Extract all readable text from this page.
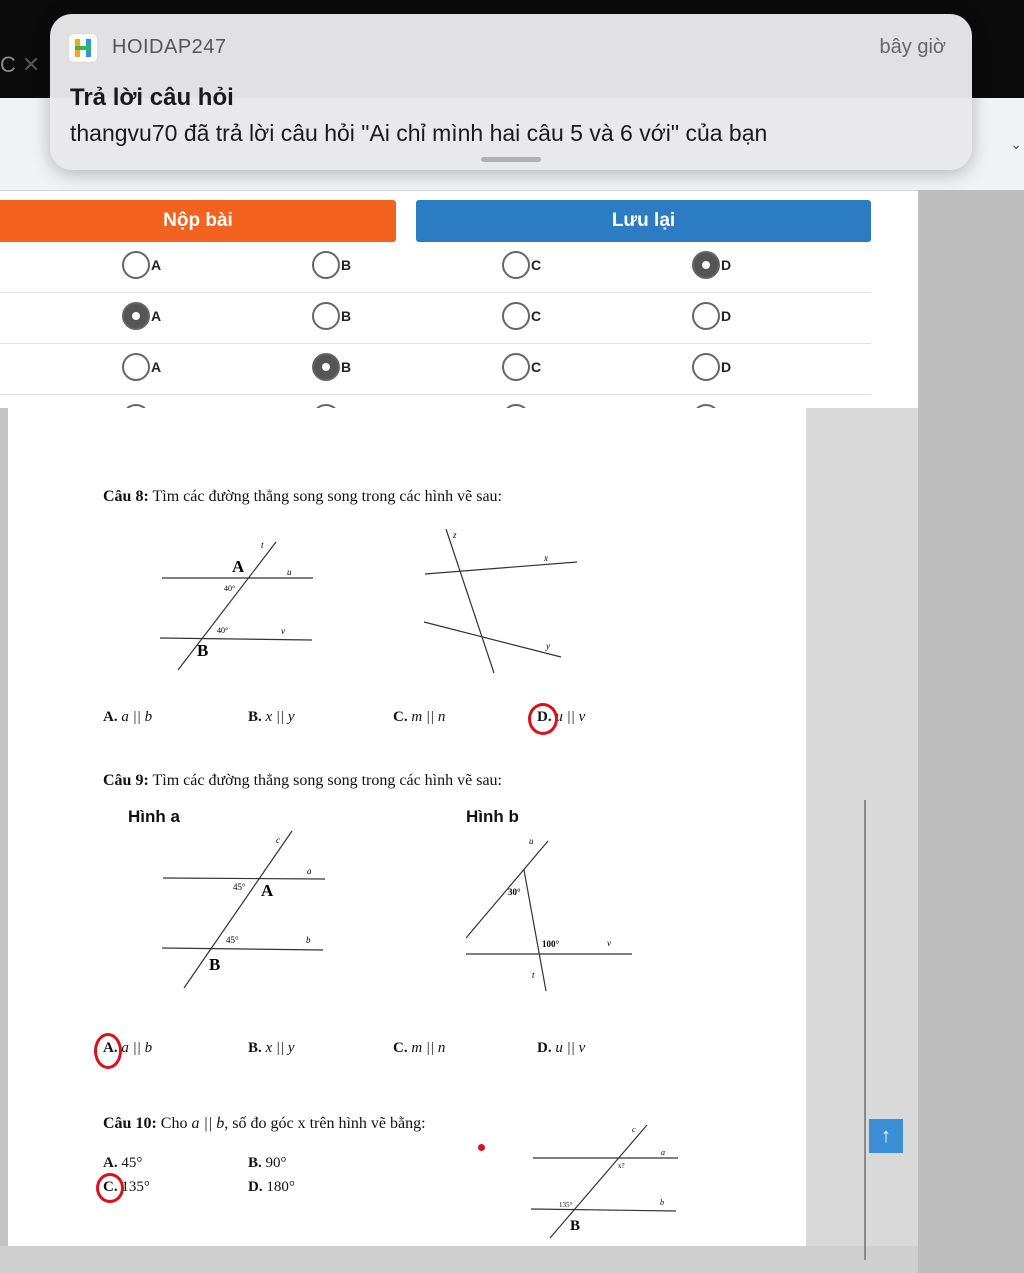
⌄
C ✕
Nộp bài	Lưu lại
A	B	C	D
A	B	C	D
A	B	C	D
Câu 8: Tìm các đường thẳng song song trong các hình vẽ sau:
A
B
t
u
v
40°
40°
z
x
y
A. a || b	B. x || y	C. m || n	D. u || v
Câu 9: Tìm các đường thẳng song song trong các hình vẽ sau:
Hình a	Hình b
c
a
b
A
B
45°
45°
u
v
t
30°
100°
A. a || b	B. x || y	C. m || n	D. u || v
Câu 10: Cho a || b, số đo góc x trên hình vẽ bằng:
A. 45°	B. 90°
C. 135°	D. 180°
c
a
b
x?
135°
B
↑
HOIDAP247	bây giờ
Trả lời câu hỏi
thangvu70 đã trả lời câu hỏi "Ai chỉ mình hai câu 5 và 6 với" của bạn
